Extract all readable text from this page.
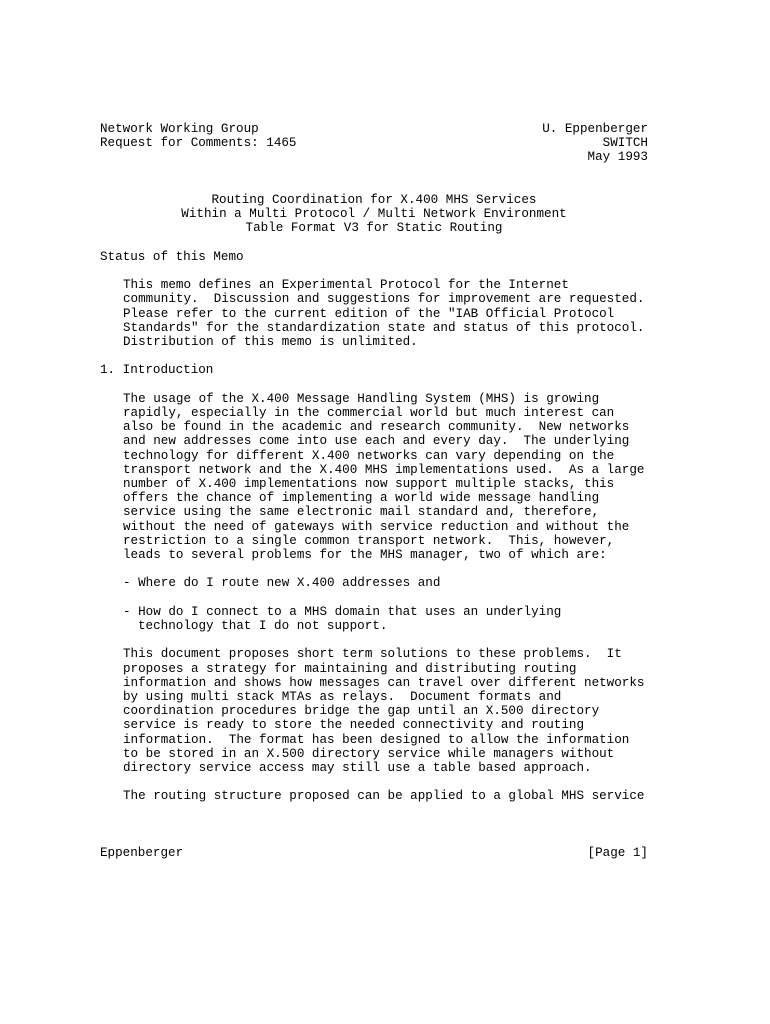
Network Working Group	U. Eppenberger
Request for Comments: 1465	SWITCH
May 1993
Routing Coordination for X.400 MHS Services
Within a Multi Protocol / Multi Network Environment
Table Format V3 for Static Routing
Status of this Memo

This memo defines an Experimental Protocol for the Internet

community.  Discussion and suggestions for improvement are requested.

Please refer to the current edition of the "IAB Official Protocol

Standards" for the standardization state and status of this protocol.

Distribution of this memo is unlimited.

1. Introduction

The usage of the X.400 Message Handling System (MHS) is growing

rapidly, especially in the commercial world but much interest can

also be found in the academic and research community.  New networks

and new addresses come into use each and every day.  The underlying

technology for different X.400 networks can vary depending on the

transport network and the X.400 MHS implementations used.  As a large

number of X.400 implementations now support multiple stacks, this

offers the chance of implementing a world wide message handling

service using the same electronic mail standard and, therefore,

without the need of gateways with service reduction and without the

restriction to a single common transport network.  This, however,

leads to several problems for the MHS manager, two of which are:

- Where do I route new X.400 addresses and
- How do I connect to a MHS domain that uses an underlying
technology that I do not support.

This document proposes short term solutions to these problems.  It

proposes a strategy for maintaining and distributing routing

information and shows how messages can travel over different networks

by using multi stack MTAs as relays.  Document formats and

coordination procedures bridge the gap until an X.500 directory

service is ready to store the needed connectivity and routing

information.  The format has been designed to allow the information

to be stored in an X.500 directory service while managers without

directory service access may still use a table based approach.

The routing structure proposed can be applied to a global MHS service

Eppenberger	[Page 1]
